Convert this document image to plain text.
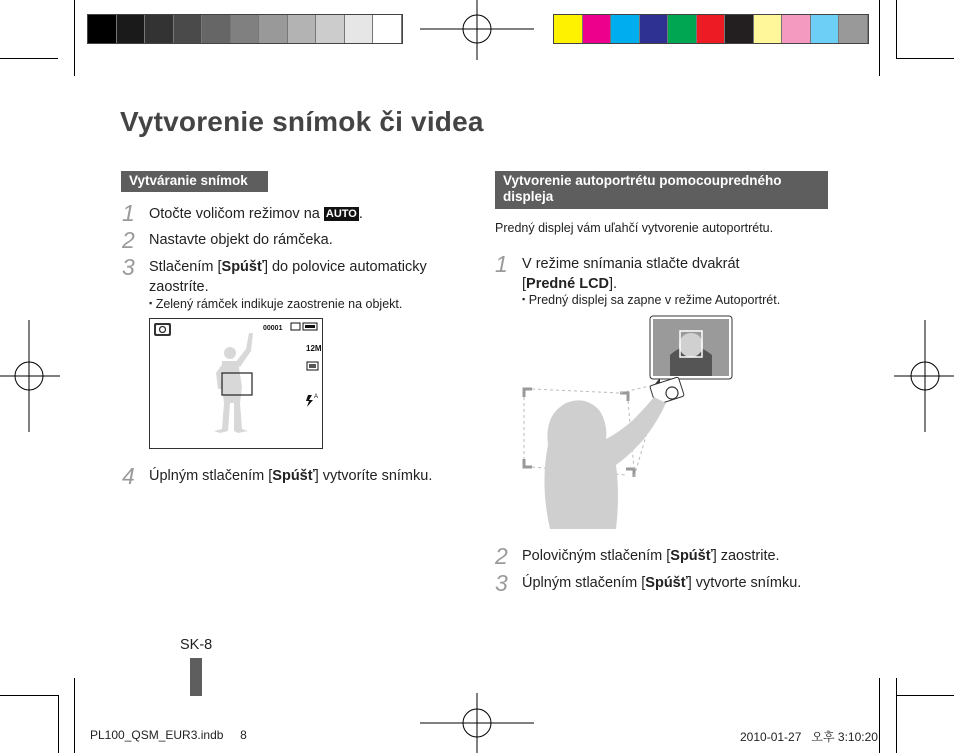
Vytvorenie snímok či videa
Vytváranie snímok
1 Otočte voličom režimov na AUTO .
2 Nastavte objekt do rámčeka.
3 Stlačením [Spúšť] do polovice automaticky zaostríte.
▪ Zelený rámček indikuje zaostrenie na objekt.
00001
12M
A
4 Úplným stlačením [Spúšť] vytvoríte snímku.
SK-8
Vytvorenie autoportrétu pomocoupredného displeja
Predný displej vám uľahčí vytvorenie autoportrétu.
1 V režime snímania stlačte dvakrát
[Predné LCD].
▪ Predný displej sa zapne v režime Autoportrét.
2 Polovičným stlačením [Spúšť] zaostrite.
3 Úplným stlačením [Spúšť] vytvorte snímku.
PL100_QSM_EUR3.indb 8	2010-01-27   오후 3:10:20
